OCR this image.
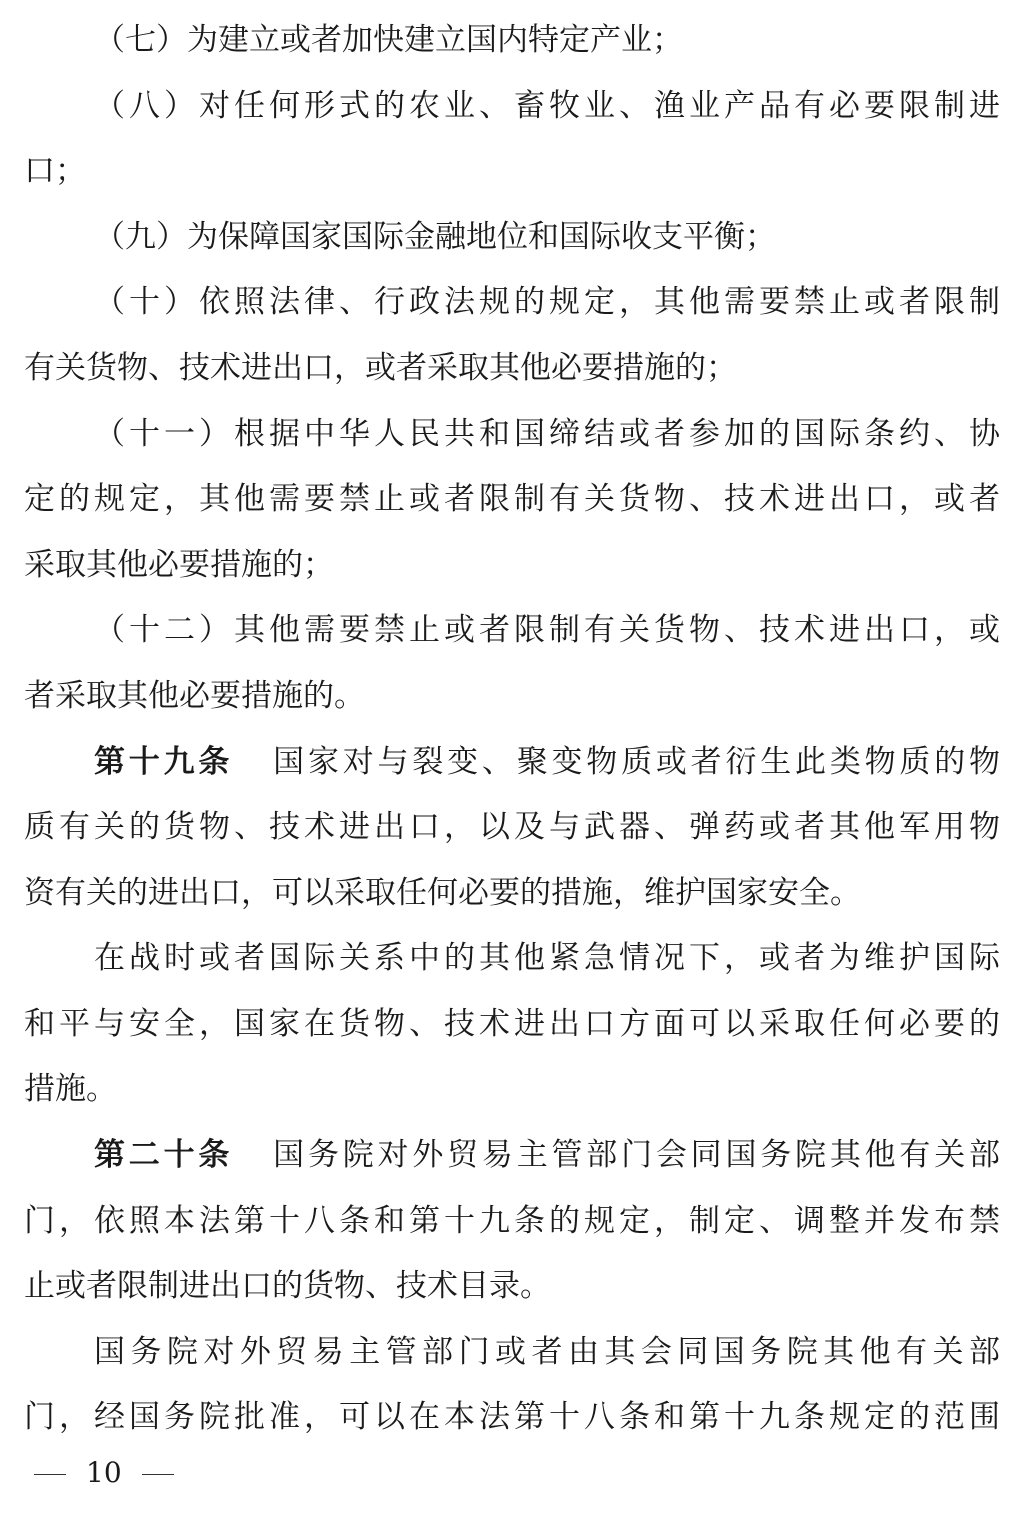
（七）为建立或者加快建立国内特定产业；
（八）对任何形式的农业、畜牧业、渔业产品有必要限制进
口；
（九）为保障国家国际金融地位和国际收支平衡；
（十）依照法律、行政法规的规定，其他需要禁止或者限制
有关货物、技术进出口，或者采取其他必要措施的；
（十一）根据中华人民共和国缔结或者参加的国际条约、协
定的规定，其他需要禁止或者限制有关货物、技术进出口，或者
采取其他必要措施的；
（十二）其他需要禁止或者限制有关货物、技术进出口，或
者采取其他必要措施的。
第十九条 国家对与裂变、聚变物质或者衍生此类物质的物
质有关的货物、技术进出口，以及与武器、弹药或者其他军用物
资有关的进出口，可以采取任何必要的措施，维护国家安全。
在战时或者国际关系中的其他紧急情况下，或者为维护国际
和平与安全，国家在货物、技术进出口方面可以采取任何必要的
措施。
第二十条 国务院对外贸易主管部门会同国务院其他有关部
门，依照本法第十八条和第十九条的规定，制定、调整并发布禁
止或者限制进出口的货物、技术目录。
国务院对外贸易主管部门或者由其会同国务院其他有关部
门，经国务院批准，可以在本法第十八条和第十九条规定的范围
10
